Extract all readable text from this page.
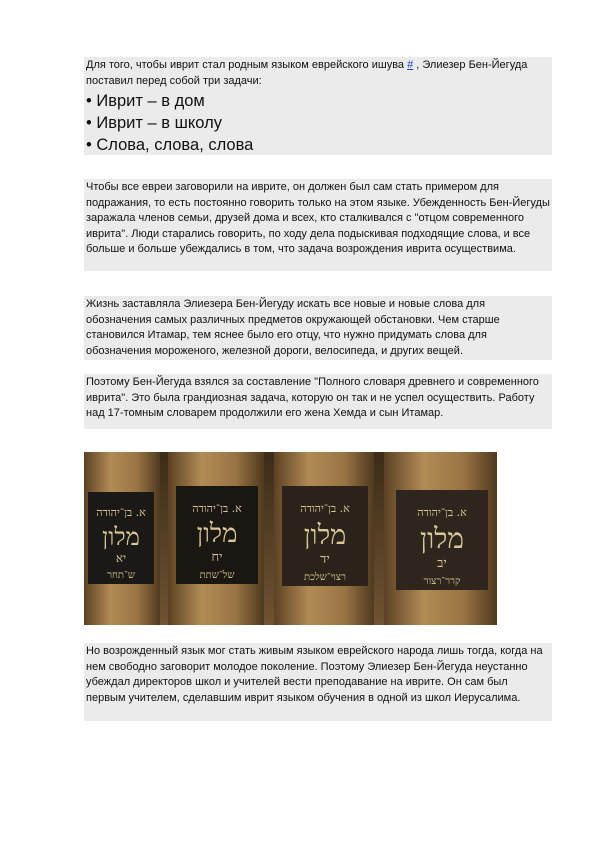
Для того, чтобы иврит стал родным языком еврейского ишува # , Элиезер Бен-Йегуда поставил перед собой три задачи:

• Иврит – в дом
• Иврит – в школу
• Слова, слова, слова

Чтобы все евреи заговорили на иврите, он должен был сам стать примером для подражания, то есть постоянно говорить только на этом языке. Убежденность Бен-Йегуды заражала членов семьи, друзей дома и всех, кто сталкивался с "отцом современного иврита". Люди старались говорить, по ходу дела подыскивая подходящие слова, и все больше и больше убеждались в том, что задача возрождения иврита осуществима.

Жизнь заставляла Элиезера Бен-Йегуду искать все новые и новые слова для обозначения самых различных предметов окружающей обстановки. Чем старше становился Итамар, тем яснее было его отцу, что нужно придумать слова для обозначения мороженого, железной дороги, велосипеда, и других вещей.

Поэтому Бен-Йегуда взялся за составление "Полного словаря древнего и современного иврита". Это была грандиозная задача, которую он так и не успел осуществить. Работу над 17-томным словарем продолжили его жена Хемда и сын Итамар.

א. בן־יהודה
מלון
יא
ש־תחר
א. בן־יהודה
מלון
יח
של־שתת
א. בן־יהודה
מלון
יד
רצוי־שלכת
א. בן־יהודה
מלון
יב
קרר־רצור

Но возрожденный язык мог стать живым языком еврейского народа лишь тогда, когда на нем свободно заговорит молодое поколение. Поэтому Элиезер Бен-Йегуда неустанно убеждал директоров школ и учителей вести преподавание на иврите. Он сам был первым учителем, сделавшим иврит языком обучения в одной из школ Иерусалима.
